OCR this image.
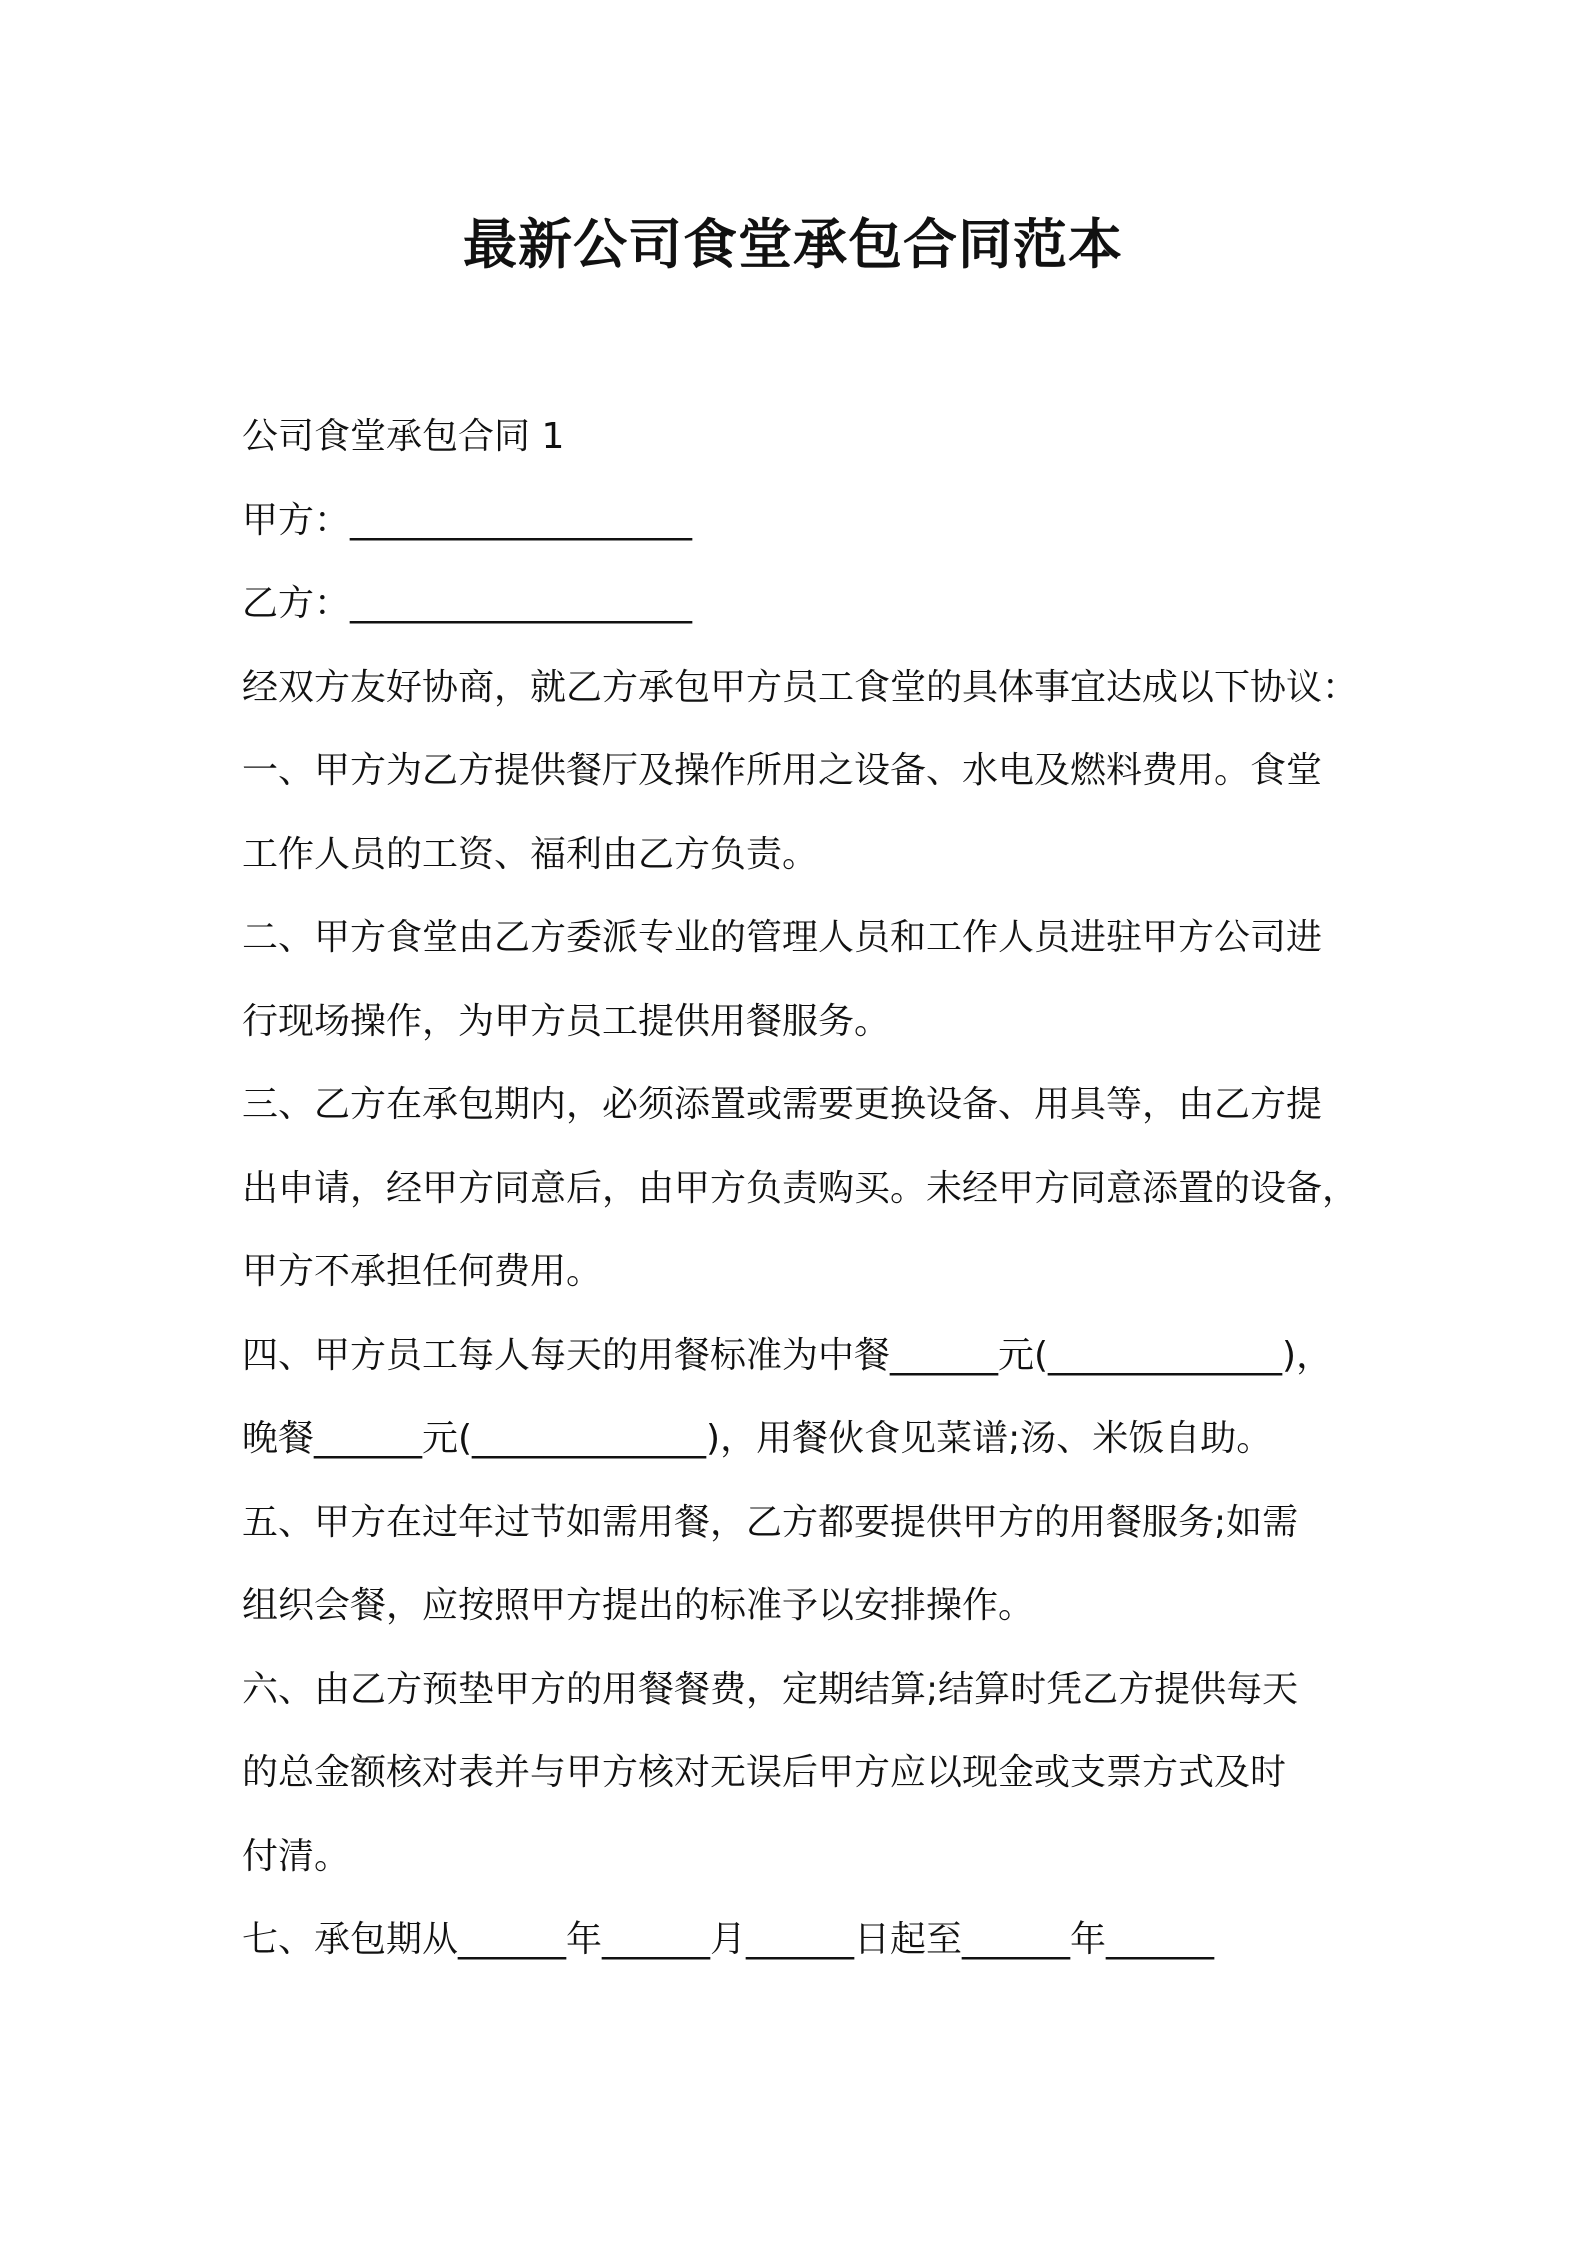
最新公司食堂承包合同范本

公司食堂承包合同 1

甲方：___________________

乙方：___________________

经双方友好协商，就乙方承包甲方员工食堂的具体事宜达成以下协议：

一、甲方为乙方提供餐厅及操作所用之设备、水电及燃料费用。食堂

工作人员的工资、福利由乙方负责。

二、甲方食堂由乙方委派专业的管理人员和工作人员进驻甲方公司进

行现场操作，为甲方员工提供用餐服务。

三、乙方在承包期内，必须添置或需要更换设备、用具等，由乙方提

出申请，经甲方同意后，由甲方负责购买。未经甲方同意添置的设备，

甲方不承担任何费用。

四、甲方员工每人每天的用餐标准为中餐______元(_____________)，

晚餐______元(_____________)，用餐伙食见菜谱;汤、米饭自助。

五、甲方在过年过节如需用餐，乙方都要提供甲方的用餐服务;如需

组织会餐，应按照甲方提出的标准予以安排操作。

六、由乙方预垫甲方的用餐餐费，定期结算;结算时凭乙方提供每天

的总金额核对表并与甲方核对无误后甲方应以现金或支票方式及时

付清。

七、承包期从______年______月______日起至______年______
